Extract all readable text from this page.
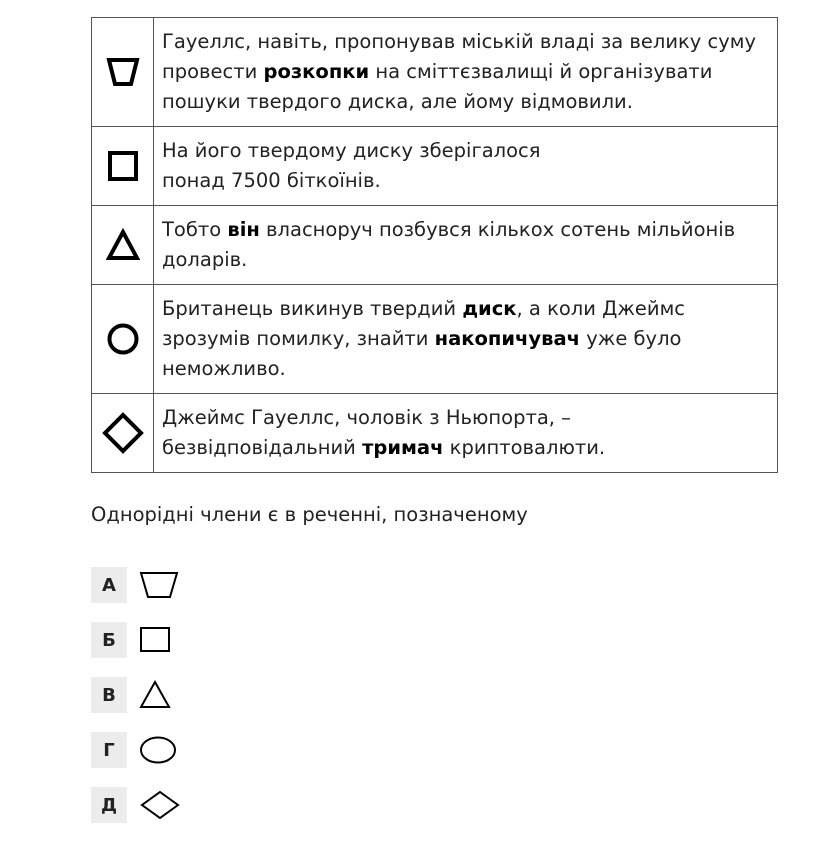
	Гауеллс, навіть, пропонував міській владі за велику суму провести розкопки на сміттєзвалищі й організувати пошуки твердого диска, але йому відмовили.
	На його твердому диску зберігалося
понад 7500 біткоїнів.
	Тобто він власноруч позбувся кількох сотень мільйонів доларів.
	Британець викинув твердий диск, а коли Джеймс зрозумів помилку, знайти накопичувач уже було неможливо.
	Джеймс Гауеллс, чоловік з Ньюпорта, – безвідповідальний тримач криптовалюти.
Однорідні члени є в реченні, позначеному
А
Б
В
Г
Д
